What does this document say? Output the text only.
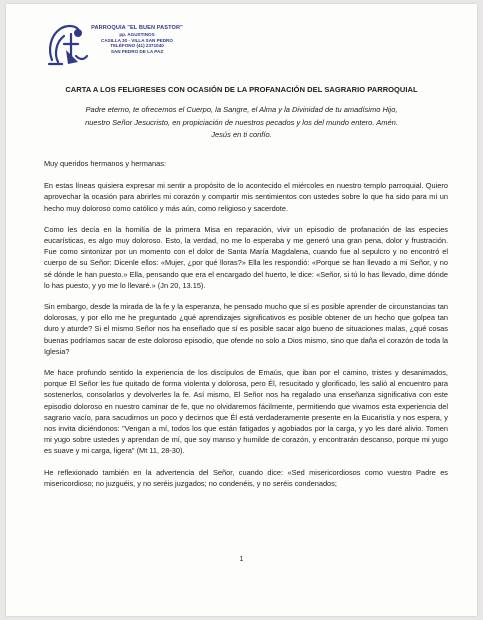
PARROQUIA "EL BUEN PASTOR"
pp. AGUSTINOS
CASILLA 30 - VILLA SAN PEDRO
TELÉFONO (41) 2371040
SAN PEDRO DE LA PAZ
CARTA A LOS FELIGRESES CON OCASIÓN DE LA PROFANACIÓN DEL SAGRARIO PARROQUIAL
Padre eterno, te ofrecemos el Cuerpo, la Sangre, el Alma y la Divinidad de tu amadísimo Hijo,
nuestro Señor Jesucristo, en propiciación de nuestros pecados y los del mundo entero. Amén.
Jesús en ti confío.

Muy queridos hermanos y hermanas:

En estas líneas quisiera expresar mi sentir a propósito de lo acontecido el miércoles en nuestro templo parroquial. Quiero aprovechar la ocasión para abrirles mi corazón y compartir mis sentimientos con ustedes sobre lo que ha sido para mí un hecho muy doloroso como católico y más aún, como religioso y sacerdote.

Como les decía en la homilía de la primera Misa en reparación, vivir un episodio de profanación de las especies eucarísticas, es algo muy doloroso. Esto, la verdad, no me lo esperaba y me generó una gran pena, dolor y frustración. Fue como sintonizar por un momento con el dolor de Santa María Magdalena, cuando fue al sepulcro y no encontró el cuerpo de su Señor: Dicenle ellos: «Mujer, ¿por qué lloras?» Ella les respondió: «Porque se han llevado a mi Señor, y no sé dónde le han puesto.» Ella, pensando que era el encargado del huerto, le dice: «Señor, si tú lo has llevado, dime dónde lo has puesto, y yo me lo llevaré.» (Jn 20, 13.15).

Sin embargo, desde la mirada de la fe y la esperanza, he pensado mucho que sí es posible aprender de circunstancias tan dolorosas, y por ello me he preguntado ¿qué aprendizajes significativos es posible obtener de un hecho que golpea tan duro y aturde? Si el mismo Señor nos ha enseñado que sí es posible sacar algo bueno de situaciones malas, ¿qué cosas buenas podríamos sacar de este doloroso episodio, que ofende no solo a Dios mismo, sino que daña el corazón de toda la Iglesia?

Me hace profundo sentido la experiencia de los discípulos de Emaús, que iban por el camino, tristes y desanimados, porque El Señor les fue quitado de forma violenta y dolorosa, pero Él, resucitado y glorificado, les salió al encuentro para sostenerlos, consolarlos y devolverles la fe. Así mismo, El Señor nos ha regalado una enseñanza significativa con este episodio doloroso en nuestro caminar de fe, que no olvidaremos fácilmente, permitiendo que vivamos esta experiencia del sagrario vacío, para sacudirnos un poco y decirnos que Él está verdaderamente presente en la Eucaristía y nos espera, y nos invita diciéndonos: "Vengan a mí, todos los que están fatigados y agobiados por la carga, y yo les daré alivio. Tomen mi yugo sobre ustedes y aprendan de mí, que soy manso y humilde de corazón, y encontrarán descanso, porque mi yugo es suave y mi carga, ligera" (Mt 11, 28-30).

He reflexionado también en la advertencia del Señor, cuando dice: «Sed misericordiosos como vuestro Padre es misericordioso; no juzguéis, y no seréis juzgados; no condenéis, y no seréis condenados;

1
